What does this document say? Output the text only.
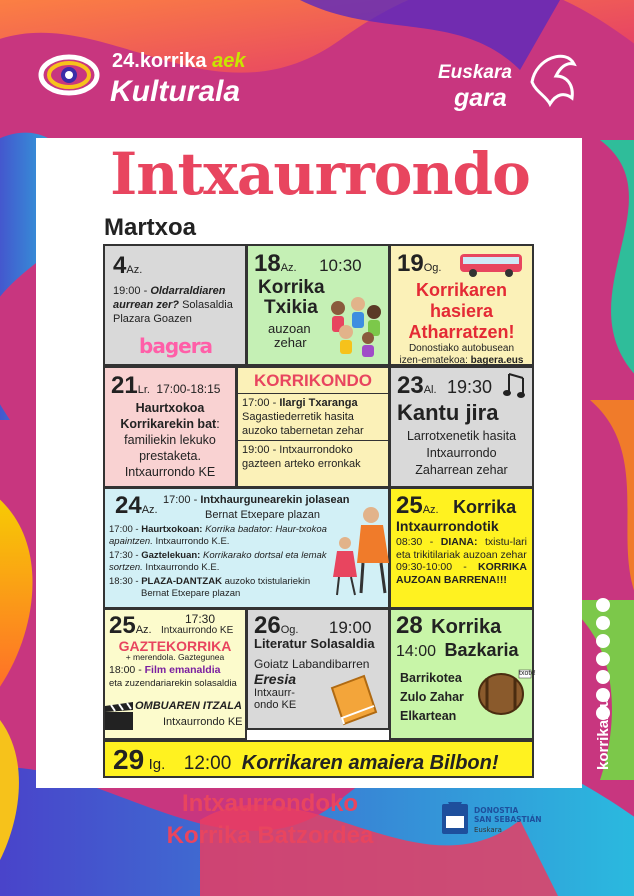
24.korrika aek
Kulturala
Euskara
gara
Intxaurrondo
Martxoa
4Az.
19:00 - Oldarraldiaren aurrean zer? Solasaldia
Plazara Goazen
bagera
18Az. 10:30
Korrika
Txikia
auzoan
zehar
19Og.
Korrikaren
hasiera
Atharratzen!
Donostiako autobusean
izen-ematekoa: bagera.eus
21Lr. 17:00-18:15
Haurtxokoa
Korrikarekin bat: familiekin lekuko prestaketa.
Intxaurrondo KE
KORRIKONDO
17:00 - Ilargi Txaranga
Sagastiederretik hasita auzoko tabernetan zehar
19:00 - Intxaurrondoko gazteen arteko erronkak
23Al. 19:30
Kantu jira
Larrotxenetik hasita
Intxaurrondo
Zaharrean zehar
24Az.
17:00 - Intxhaurgunearekin jolasean
Bernat Etxepare plazan
17:00 - Haurtxokoan: Korrika badator: Haur-txokoa apaintzen. Intxaurrondo K.E.
17:30 - Gaztelekuan: Korrikarako dortsal eta lemak sortzen. Intxaurrondo K.E.
18:30 - PLAZA-DANTZAK auzoko txistulariekin
Bernat Etxepare plazan
25Az. Korrika
Intxaurrondotik
08:30 - DIANA: txistu-lari eta trikitilariak auzoan zehar
09:30-10:00 - KORRIKA AUZOAN BARRENA!!!
25Az.
17:30
Intxaurrondo KE
GAZTEKORRIKA
+ merendola. Gaztegunea
18:00 - Film emanaldia
eta zuzendariarekin solasaldia
OMBUAREN ITZALA
Intxaurrondo KE
26Og. 19:00
Literatur Solasaldia
Goiatz Labandibarren
Eresia
Intxaurr-
ondo KE
28 Korrika
14:00 Bazkaria
Barrikotea
Zulo Zahar
Elkartean
txotx!
29 Ig. 12:00 Korrikaren amaiera Bilbon!	korrika.eus
Intxaurrondoko
Korrika Batzordea
DONOSTIA
SAN SEBASTIÁN
Euskara
